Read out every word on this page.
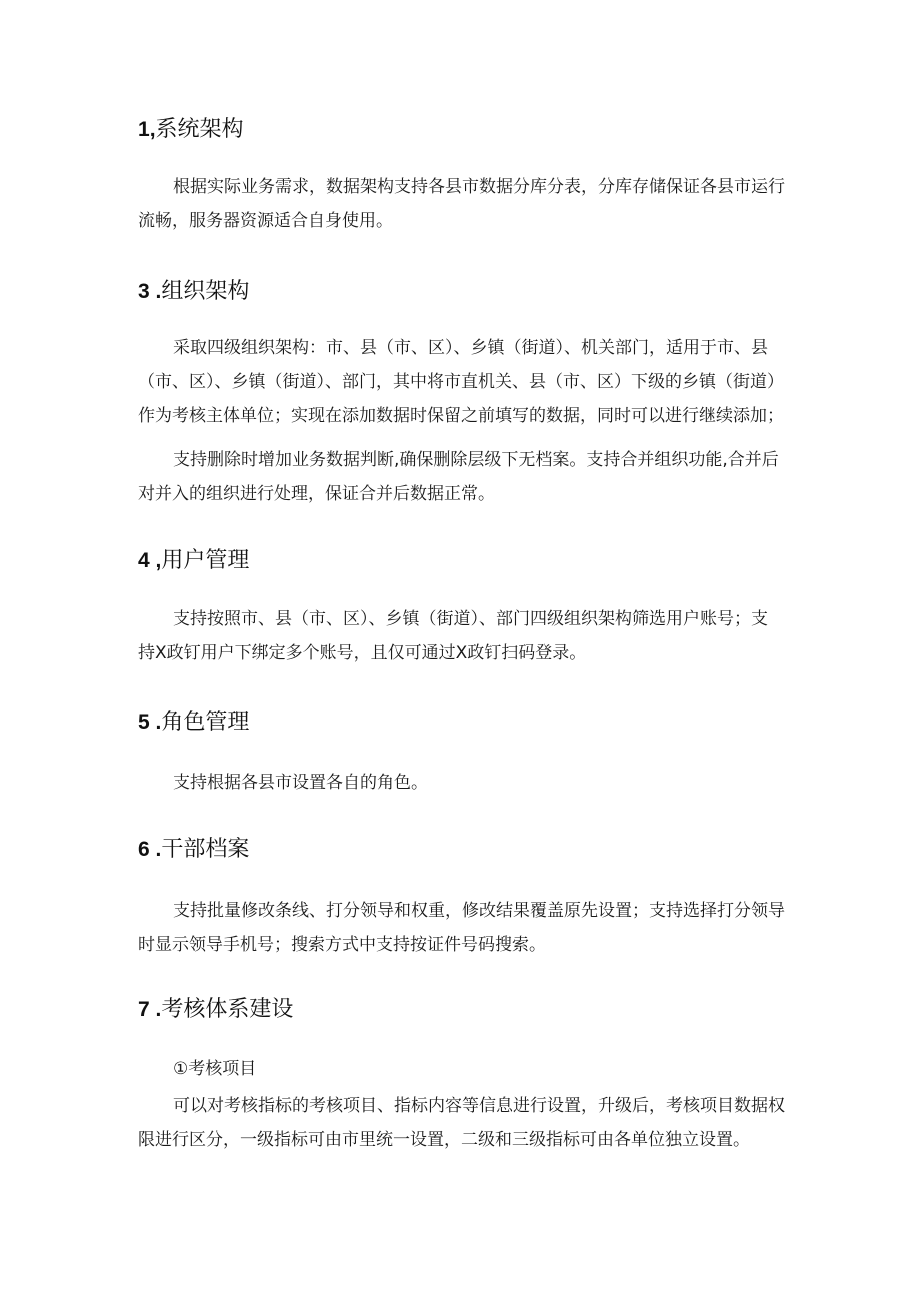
1,系统架构

根据实际业务需求，数据架构支持各县市数据分库分表，分库存储保证各县市运行
流畅，服务器资源适合自身使用。

3 .组织架构

采取四级组织架构：市、县（市、区）、乡镇（街道）、机关部门，适用于市、县
（市、区）、乡镇（街道）、部门，其中将市直机关、县（市、区）下级的乡镇（街道）
作为考核主体单位；实现在添加数据时保留之前填写的数据，同时可以进行继续添加；

支持删除时增加业务数据判断,确保删除层级下无档案。支持合并组织功能,合并后
对并入的组织进行处理，保证合并后数据正常。

4 ,用户管理

支持按照市、县（市、区）、乡镇（街道）、部门四级组织架构筛选用户账号；支
持X政钉用户下绑定多个账号，且仅可通过X政钉扫码登录。

5 .角色管理

支持根据各县市设置各自的角色。

6 .干部档案

支持批量修改条线、打分领导和权重，修改结果覆盖原先设置；支持选择打分领导
时显示领导手机号；搜索方式中支持按证件号码搜索。

7 .考核体系建设

①考核项目

可以对考核指标的考核项目、指标内容等信息进行设置，升级后，考核项目数据权
限进行区分，一级指标可由市里统一设置，二级和三级指标可由各单位独立设置。
